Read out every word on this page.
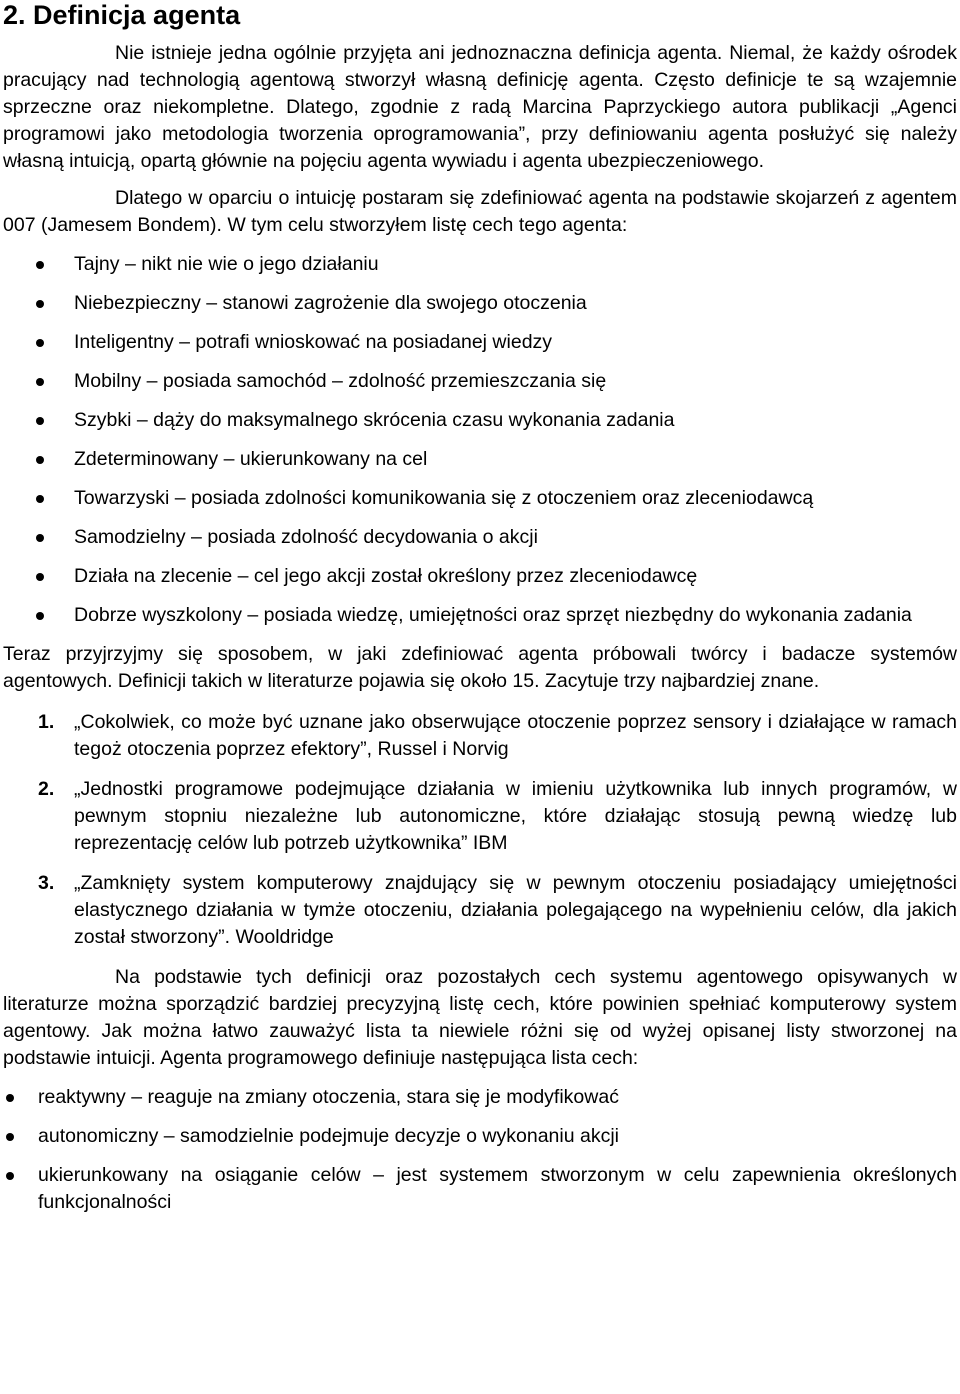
2. Definicja agenta

Nie istnieje jedna ogólnie przyjęta ani jednoznaczna definicja agenta. Niemal, że każdy ośrodek pracujący nad technologią agentową stworzył własną definicję agenta. Często definicje te są wzajemnie sprzeczne oraz niekompletne. Dlatego, zgodnie z radą Marcina Paprzyckiego autora publikacji „Agenci programowi jako metodologia tworzenia oprogramowania”, przy definiowaniu agenta posłużyć się należy własną intuicją, opartą głównie na pojęciu agenta wywiadu i agenta ubezpieczeniowego.

Dlatego w oparciu o intuicję postaram się zdefiniować agenta na podstawie skojarzeń z agentem 007 (Jamesem Bondem). W tym celu stworzyłem listę cech tego agenta:

Tajny – nikt nie wie o jego działaniu
Niebezpieczny – stanowi zagrożenie dla swojego otoczenia
Inteligentny – potrafi wnioskować na posiadanej wiedzy
Mobilny – posiada samochód – zdolność przemieszczania się
Szybki – dąży do maksymalnego skrócenia czasu wykonania zadania
Zdeterminowany – ukierunkowany na cel
Towarzyski – posiada zdolności komunikowania się z otoczeniem oraz zleceniodawcą
Samodzielny – posiada zdolność decydowania o akcji
Działa na zlecenie – cel jego akcji został określony przez zleceniodawcę
Dobrze wyszkolony – posiada wiedzę, umiejętności oraz sprzęt niezbędny do wykonania zadania

Teraz przyjrzyjmy się sposobem, w jaki zdefiniować agenta próbowali twórcy i badacze systemów agentowych. Definicji takich w literaturze pojawia się około 15. Zacytuje trzy najbardziej znane.

1. „Cokolwiek, co może być uznane jako obserwujące otoczenie poprzez sensory i działające w ramach tegoż otoczenia poprzez efektory”, Russel i Norvig
2. „Jednostki programowe podejmujące działania w imieniu użytkownika lub innych programów, w pewnym stopniu niezależne lub autonomiczne, które działając stosują pewną wiedzę lub reprezentację celów lub potrzeb użytkownika” IBM
3. „Zamknięty system komputerowy znajdujący się w pewnym otoczeniu posiadający umiejętności elastycznego działania w tymże otoczeniu, działania polegającego na wypełnieniu celów, dla jakich został stworzony”. Wooldridge

Na podstawie tych definicji oraz pozostałych cech systemu agentowego opisywanych w literaturze można sporządzić bardziej precyzyjną listę cech, które powinien spełniać komputerowy system agentowy. Jak można łatwo zauważyć lista ta niewiele różni się od wyżej opisanej listy stworzonej na podstawie intuicji. Agenta programowego definiuje następująca lista cech:

reaktywny – reaguje na zmiany otoczenia, stara się je modyfikować
autonomiczny – samodzielnie podejmuje decyzje o wykonaniu akcji
ukierunkowany na osiąganie celów – jest systemem stworzonym w celu zapewnienia określonych funkcjonalności
